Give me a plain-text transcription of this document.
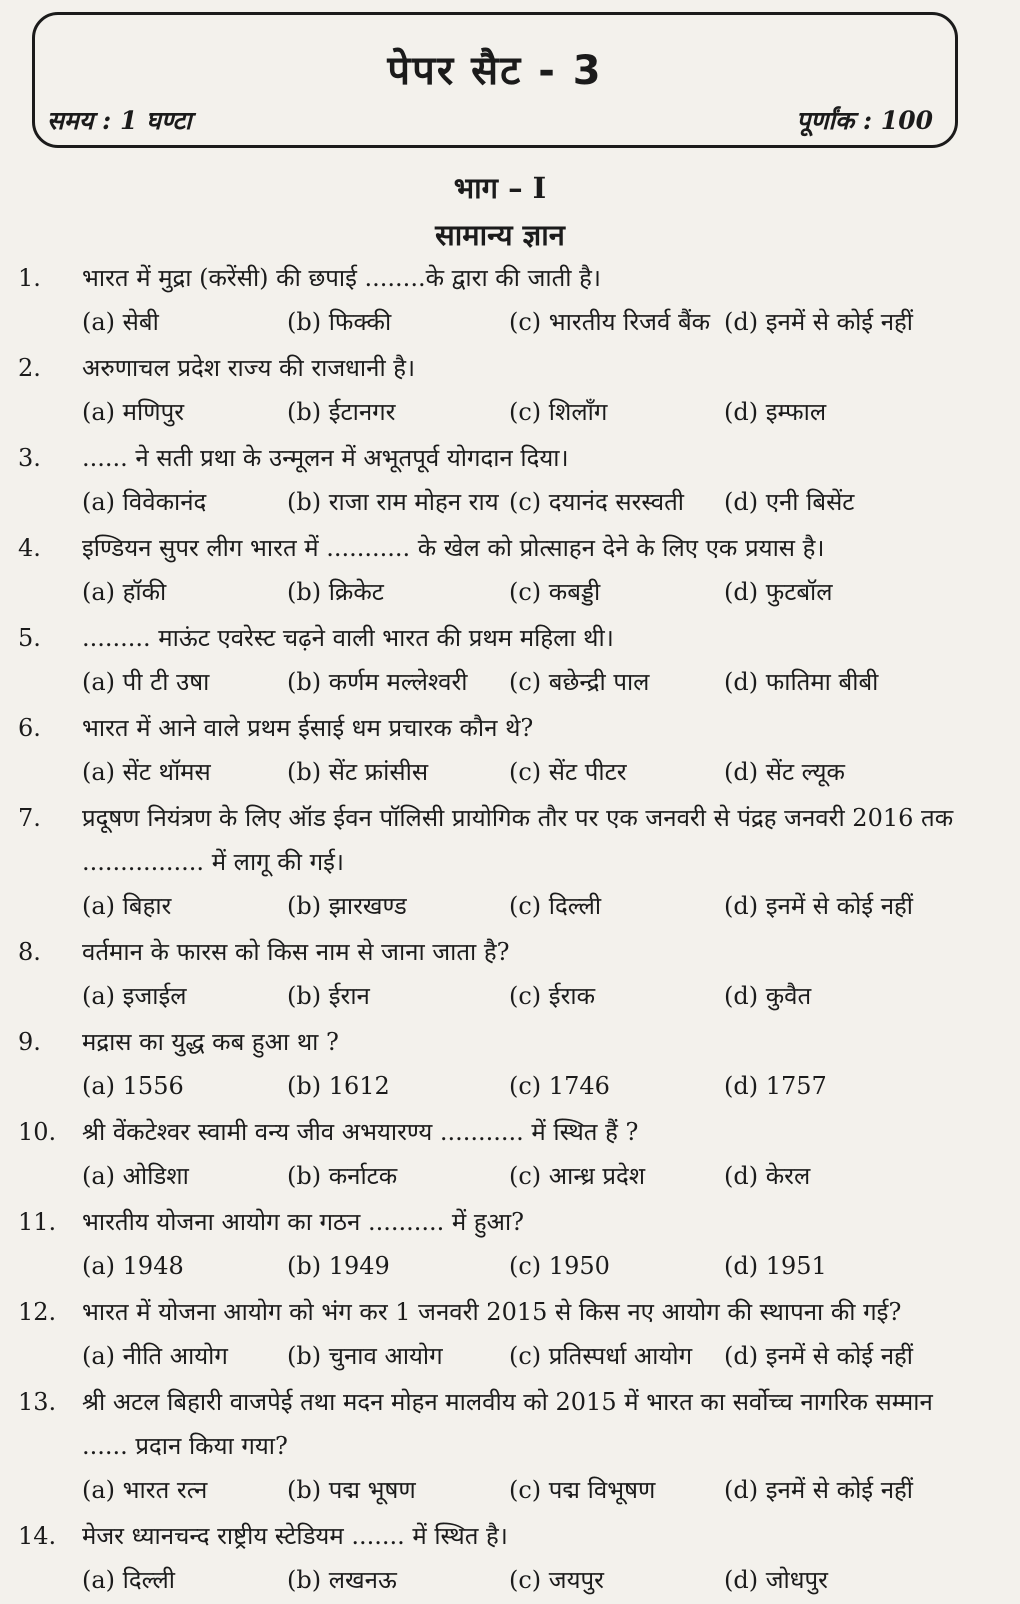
पेपर सैट - 3
समय : 1 घण्टा	पूर्णांक : 100
भाग – I
सामान्य ज्ञान
1.	भारत में मुद्रा (करेंसी) की छपाई ........के द्वारा की जाती है।
(a) सेबी	(b) फिक्की	(c) भारतीय रिजर्व बैंक (d) इनमें से कोई नहीं
2.	अरुणाचल प्रदेश राज्य की राजधानी है।
(a) मणिपुर	(b) ईटानगर	(c) शिलाँग	(d) इम्फाल
3.	...... ने सती प्रथा के उन्मूलन में अभूतपूर्व योगदान दिया।
(a) विवेकानंद	(b) राजा राम मोहन राय (c) दयानंद सरस्वती	(d) एनी बिसेंट
4.	इण्डियन सुपर लीग भारत में ........... के खेल को प्रोत्साहन देने के लिए एक प्रयास है।
(a) हॉकी	(b) क्रिकेट	(c) कबड्डी	(d) फुटबॉल
5.	......... माऊंट एवरेस्ट चढ़ने वाली भारत की प्रथम महिला थी।
(a) पी टी उषा	(b) कर्णम मल्लेश्वरी	(c) बछेन्द्री पाल	(d) फातिमा बीबी
6.	भारत में आने वाले प्रथम ईसाई धम प्रचारक कौन थे?
(a) सेंट थॉमस	(b) सेंट फ्रांसीस	(c) सेंट पीटर	(d) सेंट ल्यूक
7.	प्रदूषण नियंत्रण के लिए ऑड ईवन पॉलिसी प्रायोगिक तौर पर एक जनवरी से पंद्रह जनवरी 2016 तक ................ में लागू की गई।
(a) बिहार	(b) झारखण्ड	(c) दिल्ली	(d) इनमें से कोई नहीं
8.	वर्तमान के फारस को किस नाम से जाना जाता है?
(a) इजाईल	(b) ईरान	(c) ईराक	(d) कुवैत
9.	मद्रास का युद्ध कब हुआ था ?
(a) 1556	(b) 1612	(c) 1746	(d) 1757
10.	श्री वेंकटेश्वर स्वामी वन्य जीव अभयारण्य ........... में स्थित हैं ?
(a) ओडिशा	(b) कर्नाटक	(c) आन्ध्र प्रदेश	(d) केरल
11.	भारतीय योजना आयोग का गठन .......... में हुआ?
(a) 1948	(b) 1949	(c) 1950	(d) 1951
12.	भारत में योजना आयोग को भंग कर 1 जनवरी 2015 से किस नए आयोग की स्थापना की गई?
(a) नीति आयोग	(b) चुनाव आयोग	(c) प्रतिस्पर्धा आयोग	(d) इनमें से कोई नहीं
13.	श्री अटल बिहारी वाजपेई तथा मदन मोहन मालवीय को 2015 में भारत का सर्वोच्च नागरिक सम्मान ...... प्रदान किया गया?
(a) भारत रत्न	(b) पद्म भूषण	(c) पद्म विभूषण	(d) इनमें से कोई नहीं
14.	मेजर ध्यानचन्द राष्ट्रीय स्टेडियम ....... में स्थित है।
(a) दिल्ली	(b) लखनऊ	(c) जयपुर	(d) जोधपुर
